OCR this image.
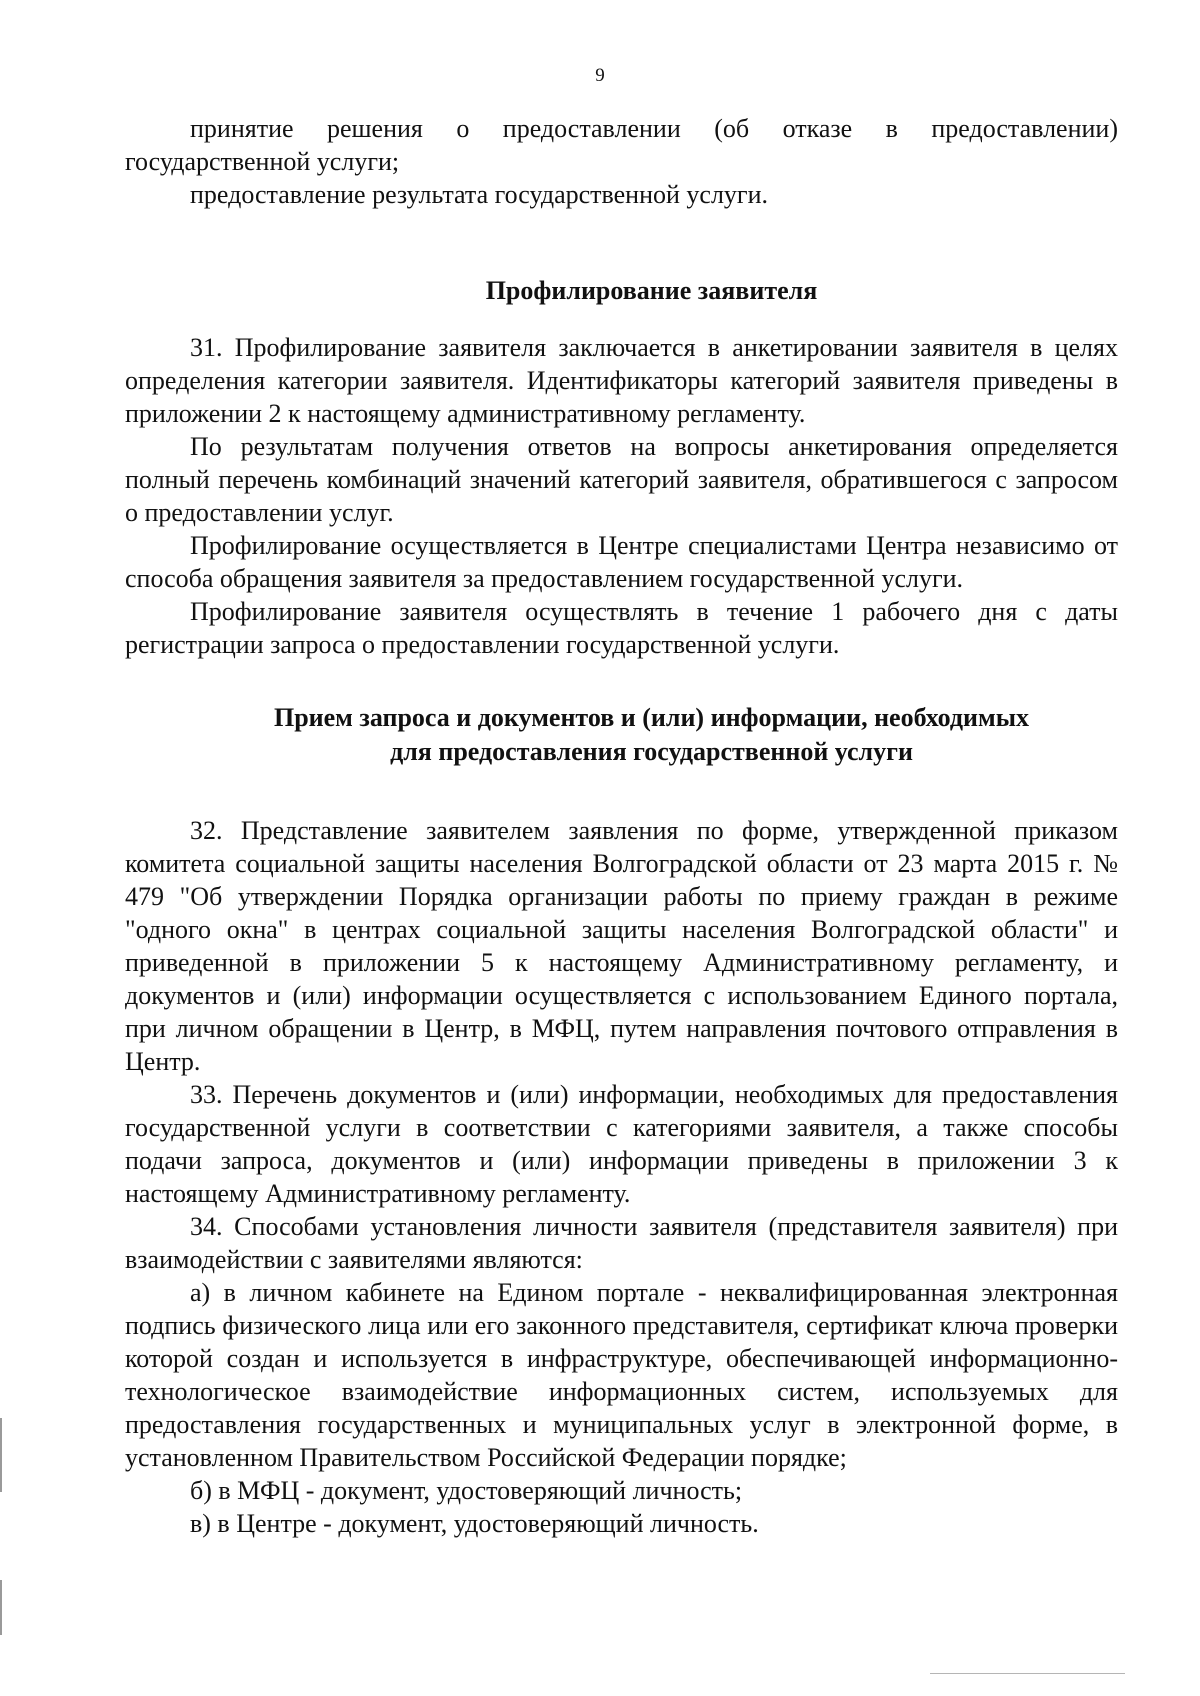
9

принятие решения о предоставлении (об отказе в предоставлении) государственной услуги;

предоставление результата государственной услуги.

Профилирование заявителя

31. Профилирование заявителя заключается в анкетировании заявителя в целях определения категории заявителя. Идентификаторы категорий заявителя приведены в приложении 2 к настоящему административному регламенту.

По результатам получения ответов на вопросы анкетирования определяется полный перечень комбинаций значений категорий заявителя, обратившегося с запросом о предоставлении услуг.

Профилирование осуществляется в Центре специалистами Центра независимо от способа обращения заявителя за предоставлением государственной услуги.

Профилирование заявителя осуществлять в течение 1 рабочего дня с даты регистрации запроса о предоставлении государственной услуги.

Прием запроса и документов и (или) информации, необходимых
для предоставления государственной услуги

32. Представление заявителем заявления по форме, утвержденной приказом комитета социальной защиты населения Волгоградской области от 23 марта 2015 г. № 479 "Об утверждении Порядка организации работы по приему граждан в режиме "одного окна" в центрах социальной защиты населения Волгоградской области" и приведенной в приложении 5 к настоящему Административному регламенту, и документов и (или) информации осуществляется с использованием Единого портала, при личном обращении в Центр, в МФЦ, путем направления почтового отправления в Центр.

33. Перечень документов и (или) информации, необходимых для предоставления государственной услуги в соответствии с категориями заявителя, а также способы подачи запроса, документов и (или) информации приведены в приложении 3 к настоящему Административному регламенту.

34. Способами установления личности заявителя (представителя заявителя) при взаимодействии с заявителями являются:

а) в личном кабинете на Едином портале - неквалифицированная электронная подпись физического лица или его законного представителя, сертификат ключа проверки которой создан и используется в инфраструктуре, обеспечивающей информационно-технологическое взаимодействие информационных систем, используемых для предоставления государственных и муниципальных услуг в электронной форме, в установленном Правительством Российской Федерации порядке;

б) в МФЦ - документ, удостоверяющий личность;

в) в Центре - документ, удостоверяющий личность.
